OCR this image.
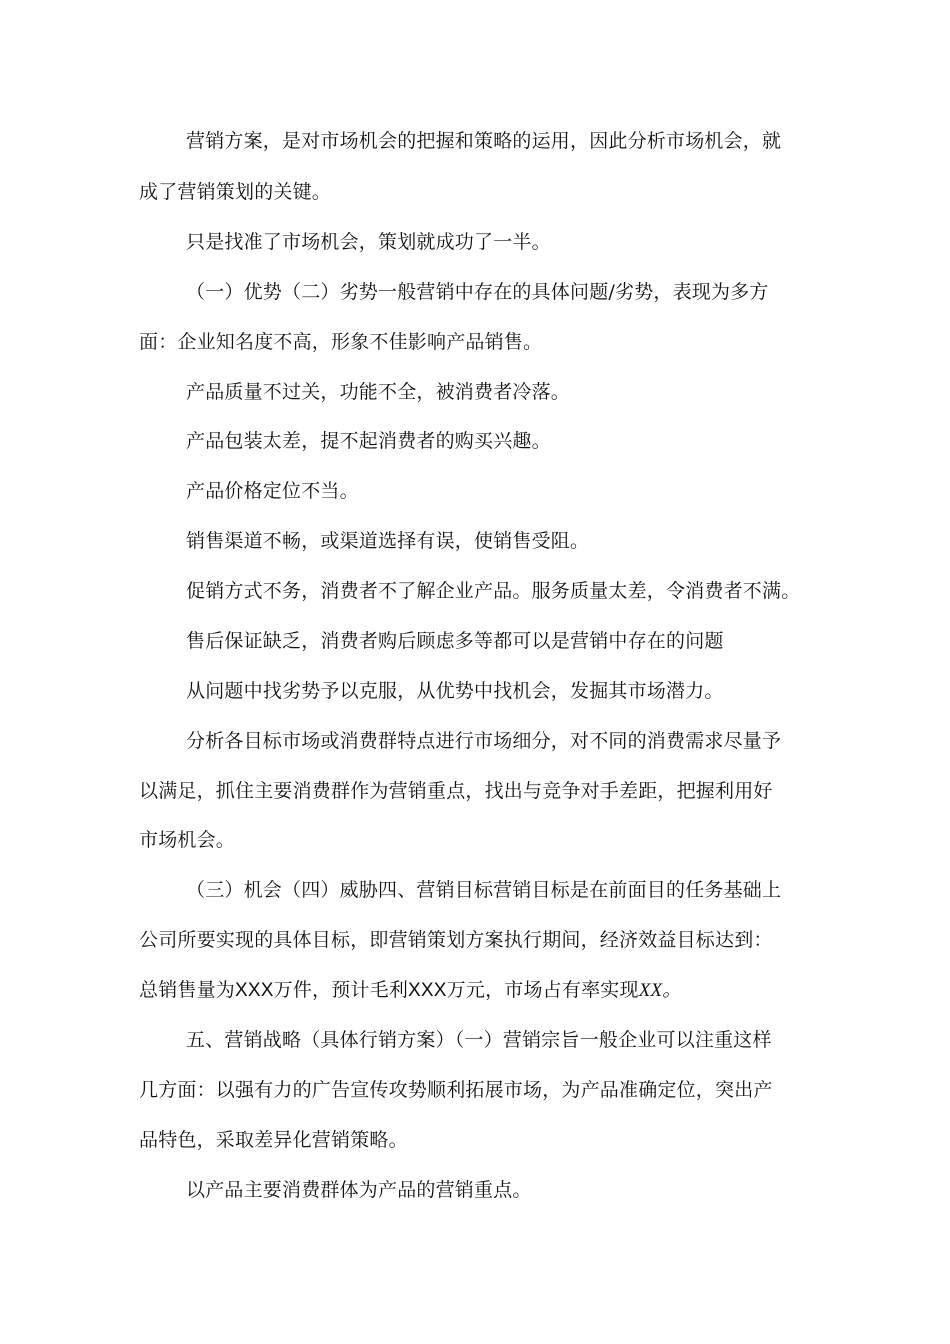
营销方案，是对市场机会的把握和策略的运用，因此分析市场机会，就
成了营销策划的关键。
只是找准了市场机会，策划就成功了一半。
（一）优势（二）劣势一般营销中存在的具体问题/劣势，表现为多方
面：企业知名度不高，形象不佳影响产品销售。
产品质量不过关，功能不全，被消费者冷落。
产品包装太差，提不起消费者的购买兴趣。
产品价格定位不当。
销售渠道不畅，或渠道选择有误，使销售受阻。
促销方式不务，消费者不了解企业产品。服务质量太差，令消费者不满。
售后保证缺乏，消费者购后顾虑多等都可以是营销中存在的问题
从问题中找劣势予以克服，从优势中找机会，发掘其市场潜力。
分析各目标市场或消费群特点进行市场细分，对不同的消费需求尽量予
以满足，抓住主要消费群作为营销重点，找出与竞争对手差距，把握利用好
市场机会。
（三）机会（四）威胁四、营销目标营销目标是在前面目的任务基础上
公司所要实现的具体目标，即营销策划方案执行期间，经济效益目标达到：
总销售量为XXX万件，预计毛利XXX万元，市场占有率实现XX。
五、营销战略（具体行销方案）（一）营销宗旨一般企业可以注重这样
几方面：以强有力的广告宣传攻势顺利拓展市场，为产品准确定位，突出产
品特色，采取差异化营销策略。
以产品主要消费群体为产品的营销重点。
